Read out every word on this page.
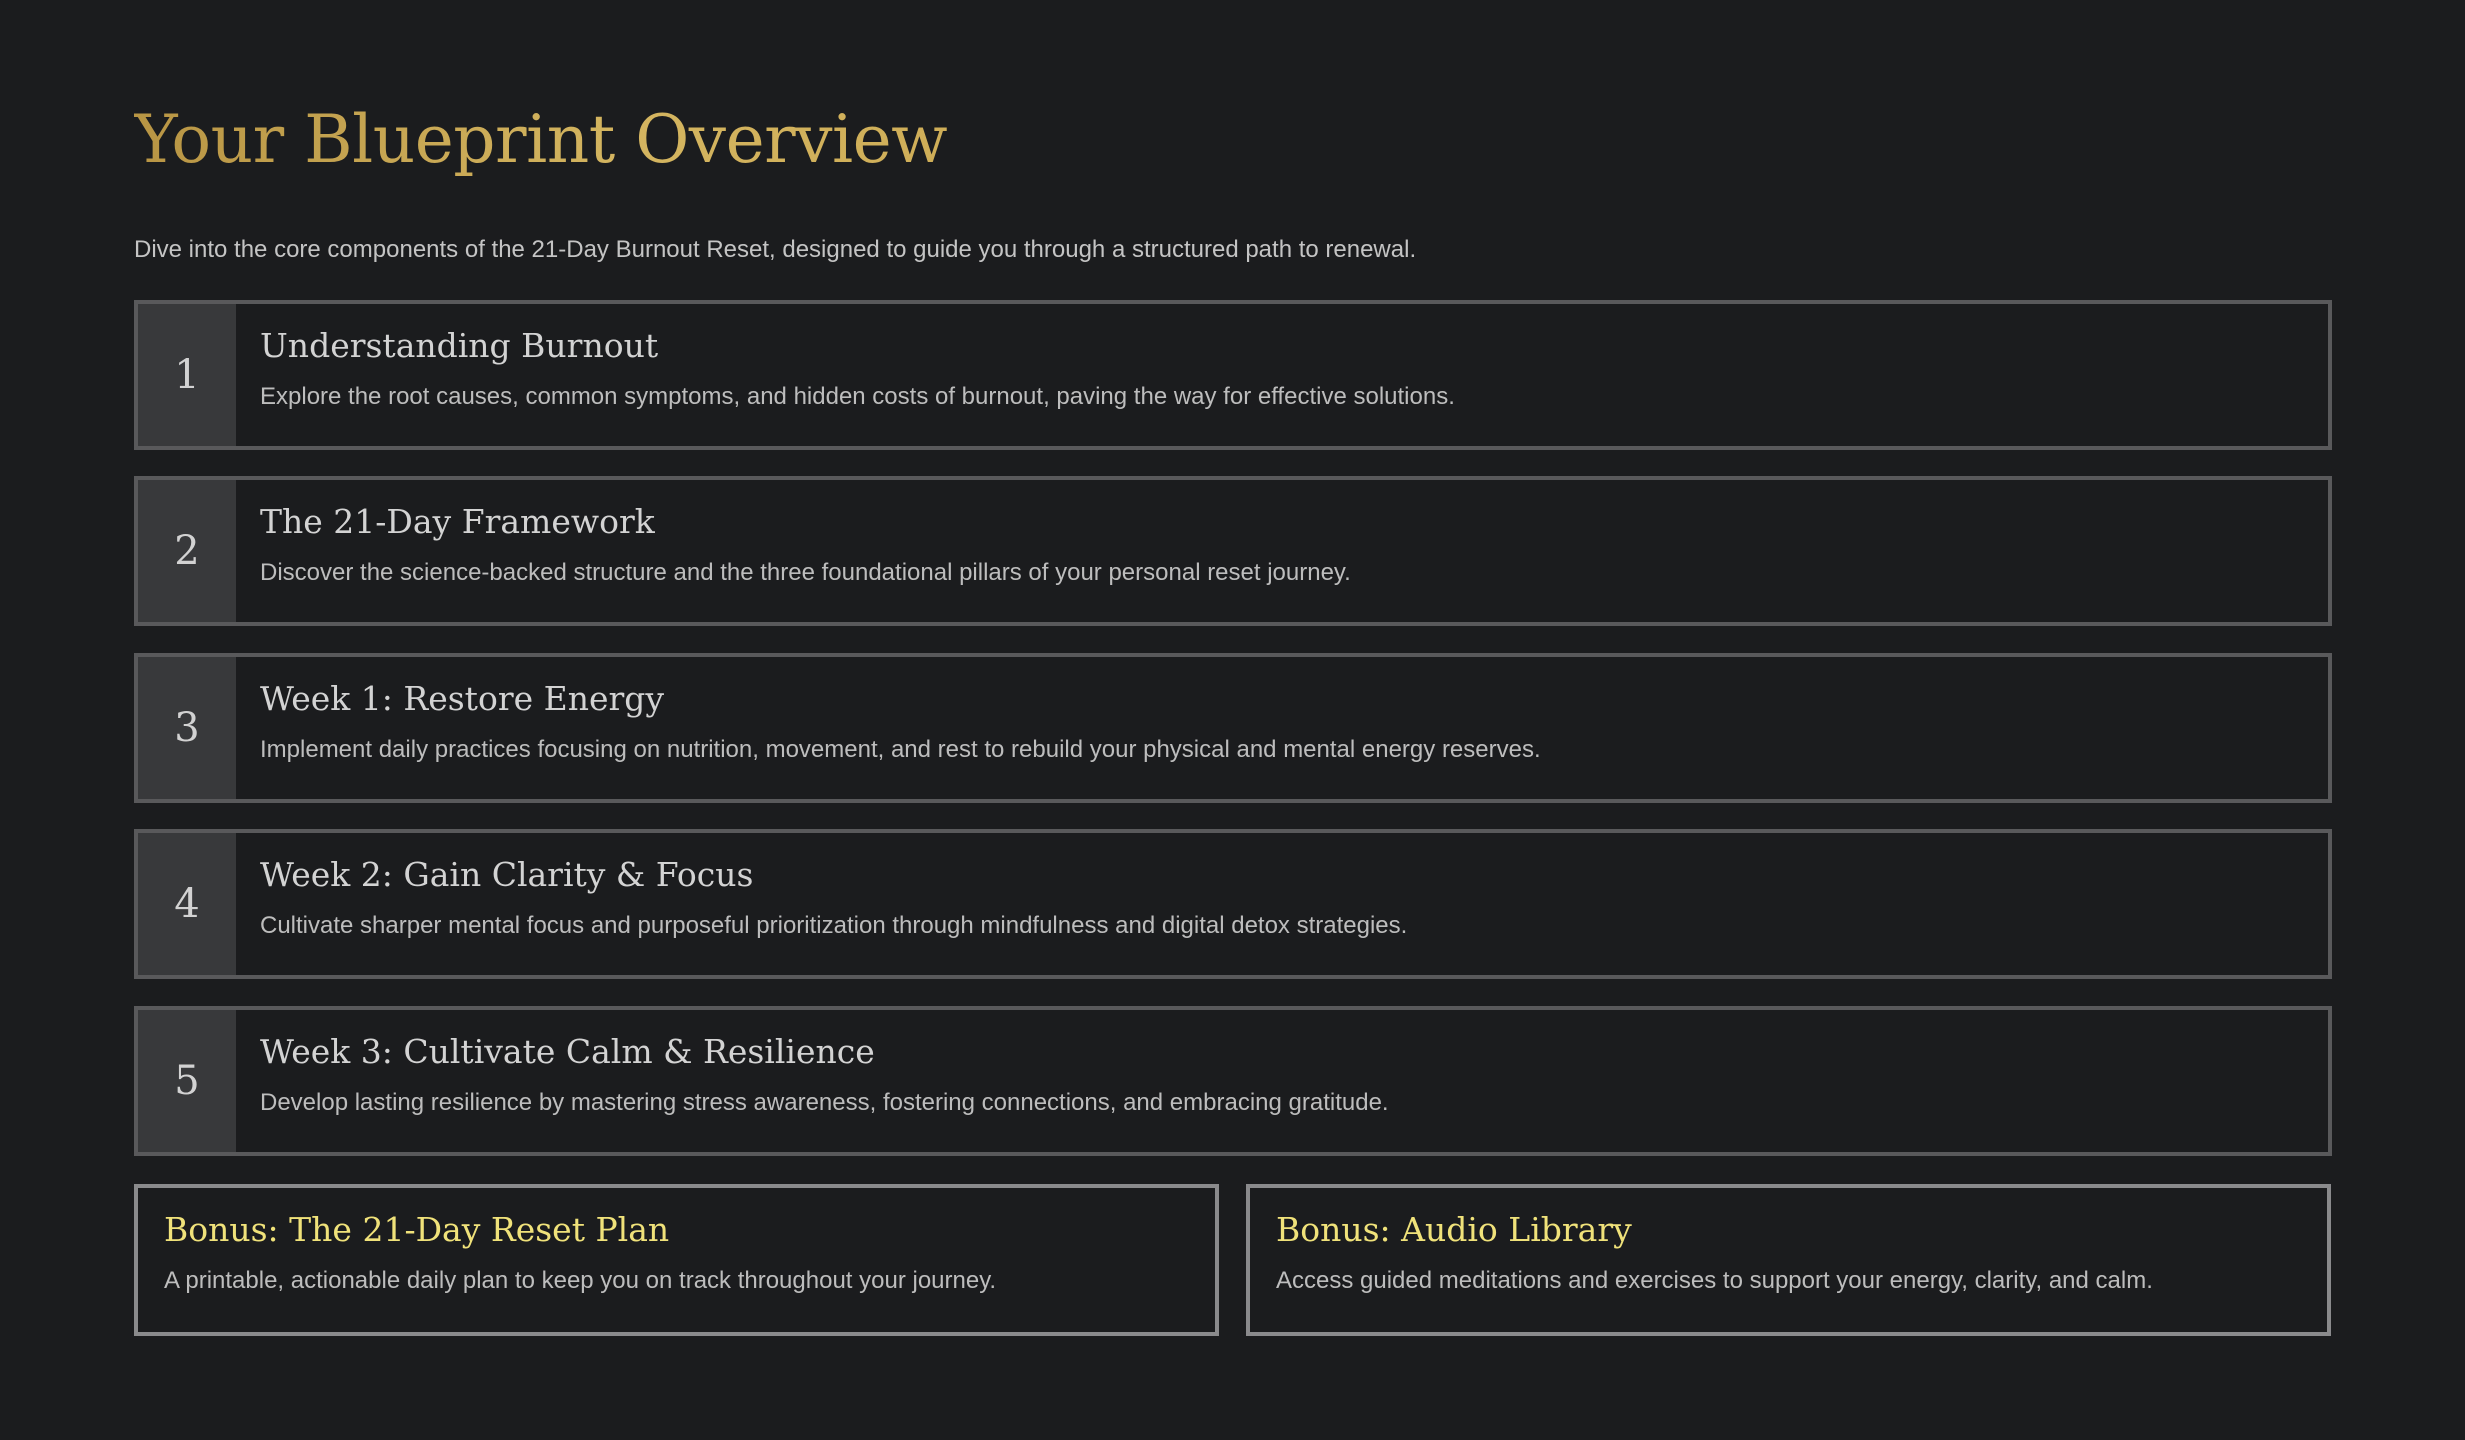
Your Blueprint Overview

Dive into the core components of the 21-Day Burnout Reset, designed to guide you through a structured path to renewal.

1
Understanding Burnout
Explore the root causes, common symptoms, and hidden costs of burnout, paving the way for effective solutions.
2
The 21-Day Framework
Discover the science-backed structure and the three foundational pillars of your personal reset journey.
3
Week 1: Restore Energy
Implement daily practices focusing on nutrition, movement, and rest to rebuild your physical and mental energy reserves.
4
Week 2: Gain Clarity & Focus
Cultivate sharper mental focus and purposeful prioritization through mindfulness and digital detox strategies.
5
Week 3: Cultivate Calm & Resilience
Develop lasting resilience by mastering stress awareness, fostering connections, and embracing gratitude.
Bonus: The 21-Day Reset Plan
A printable, actionable daily plan to keep you on track throughout your journey.
Bonus: Audio Library
Access guided meditations and exercises to support your energy, clarity, and calm.
